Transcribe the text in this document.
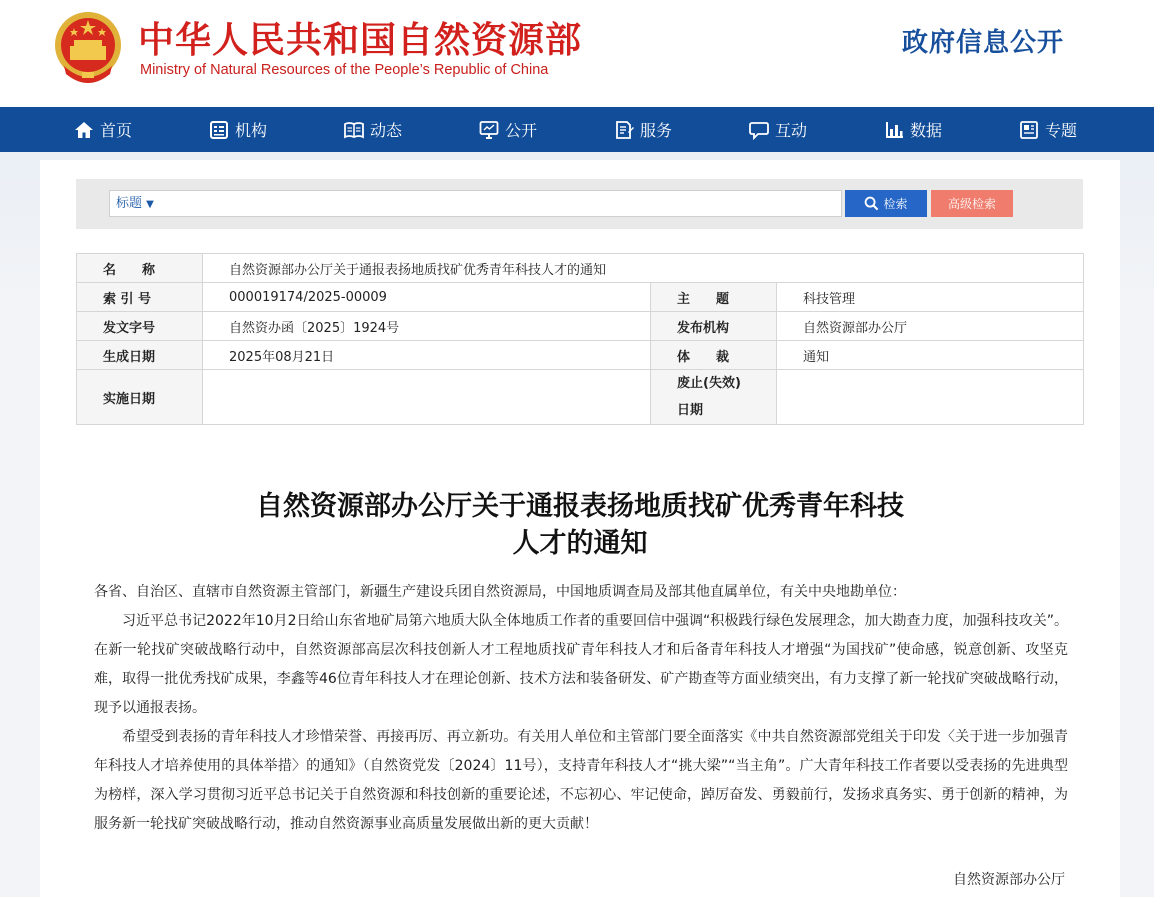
中华人民共和国自然资源部
Ministry of Natural Resources of the People’s Republic of China
政府信息公开
首页	机构	动态	公开	服务	互动	数据	专题
标题 ▼	检索	高级检索
名　　称	自然资源部办公厅关于通报表扬地质找矿优秀青年科技人才的通知		
索 引 号	000019174/2025-00009	主　　题	科技管理
发文字号	自然资办函〔2025〕1924号	发布机构	自然资源部办公厅
生成日期	2025年08月21日	体　　裁	通知
实施日期		废止(失效)
日期	

自然资源部办公厅关于通报表扬地质找矿优秀青年科技
人才的通知

各省、自治区、直辖市自然资源主管部门，新疆生产建设兵团自然资源局，中国地质调查局及部其他直属单位，有关中央地勘单位：

习近平总书记2022年10月2日给山东省地矿局第六地质大队全体地质工作者的重要回信中强调“积极践行绿色发展理念，加大勘查力度，加强科技攻关”。在新一轮找矿突破战略行动中，自然资源部高层次科技创新人才工程地质找矿青年科技人才和后备青年科技人才增强“为国找矿”使命感，锐意创新、攻坚克难，取得一批优秀找矿成果，李鑫等46位青年科技人才在理论创新、技术方法和装备研发、矿产勘查等方面业绩突出，有力支撑了新一轮找矿突破战略行动，现予以通报表扬。

希望受到表扬的青年科技人才珍惜荣誉、再接再厉、再立新功。有关用人单位和主管部门要全面落实《中共自然资源部党组关于印发〈关于进一步加强青年科技人才培养使用的具体举措〉的通知》（自然资党发〔2024〕11号），支持青年科技人才“挑大梁”“当主角”。广大青年科技工作者要以受表扬的先进典型为榜样，深入学习贯彻习近平总书记关于自然资源和科技创新的重要论述，不忘初心、牢记使命，踔厉奋发、勇毅前行，发扬求真务实、勇于创新的精神，为服务新一轮找矿突破战略行动，推动自然资源事业高质量发展做出新的更大贡献！

自然资源部办公厅
